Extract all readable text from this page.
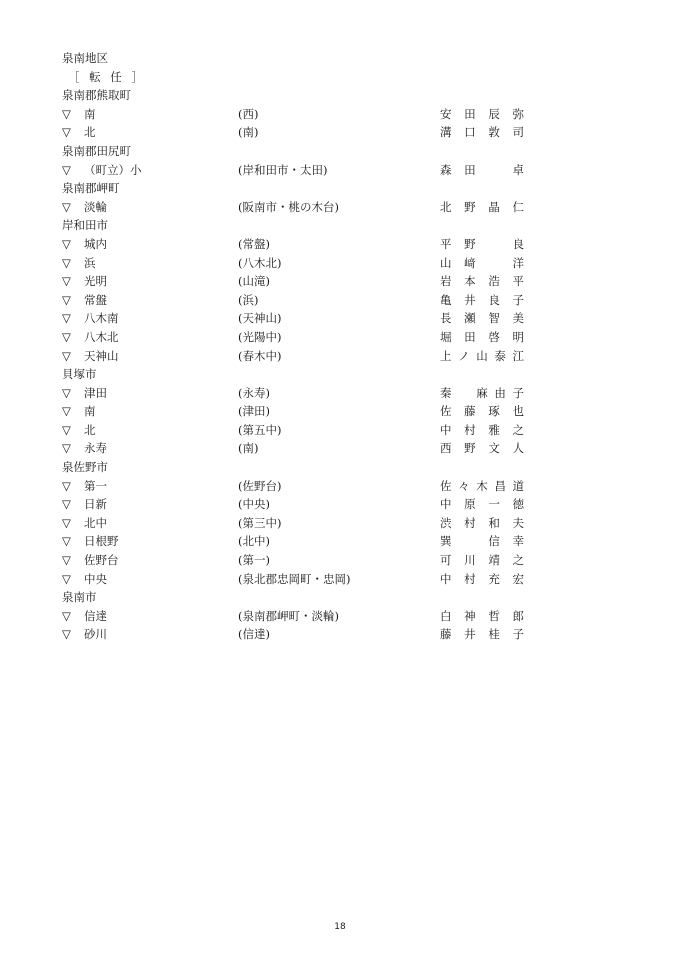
泉南地区
［ 転 任 ］
泉南郡熊取町
▽	南	(西)	安田辰弥
▽	北	(南)	溝口敦司
泉南郡田尻町
▽	（町立）小	(岸和田市・太田)	森田　卓
泉南郡岬町
▽	淡輪	(阪南市・桃の木台)	北野晶仁
岸和田市
▽	城内	(常盤)	平野　良
▽	浜	(八木北)	山﨑　洋
▽	光明	(山滝)	岩本浩平
▽	常盤	(浜)	亀井良子
▽	八木南	(天神山)	長瀬智美
▽	八木北	(光陽中)	堀田啓明
▽	天神山	(春木中)	上ノ山泰江
貝塚市
▽	津田	(永寿)	秦　麻由子
▽	南	(津田)	佐藤琢也
▽	北	(第五中)	中村雅之
▽	永寿	(南)	西野文人
泉佐野市
▽	第一	(佐野台)	佐々木昌道
▽	日新	(中央)	中原一徳
▽	北中	(第三中)	渋村和夫
▽	日根野	(北中)	巽　信幸
▽	佐野台	(第一)	可川靖之
▽	中央	(泉北郡忠岡町・忠岡)	中村充宏
泉南市
▽	信達	(泉南郡岬町・淡輪)	白神哲郎
▽	砂川	(信達)	藤井桂子
18
